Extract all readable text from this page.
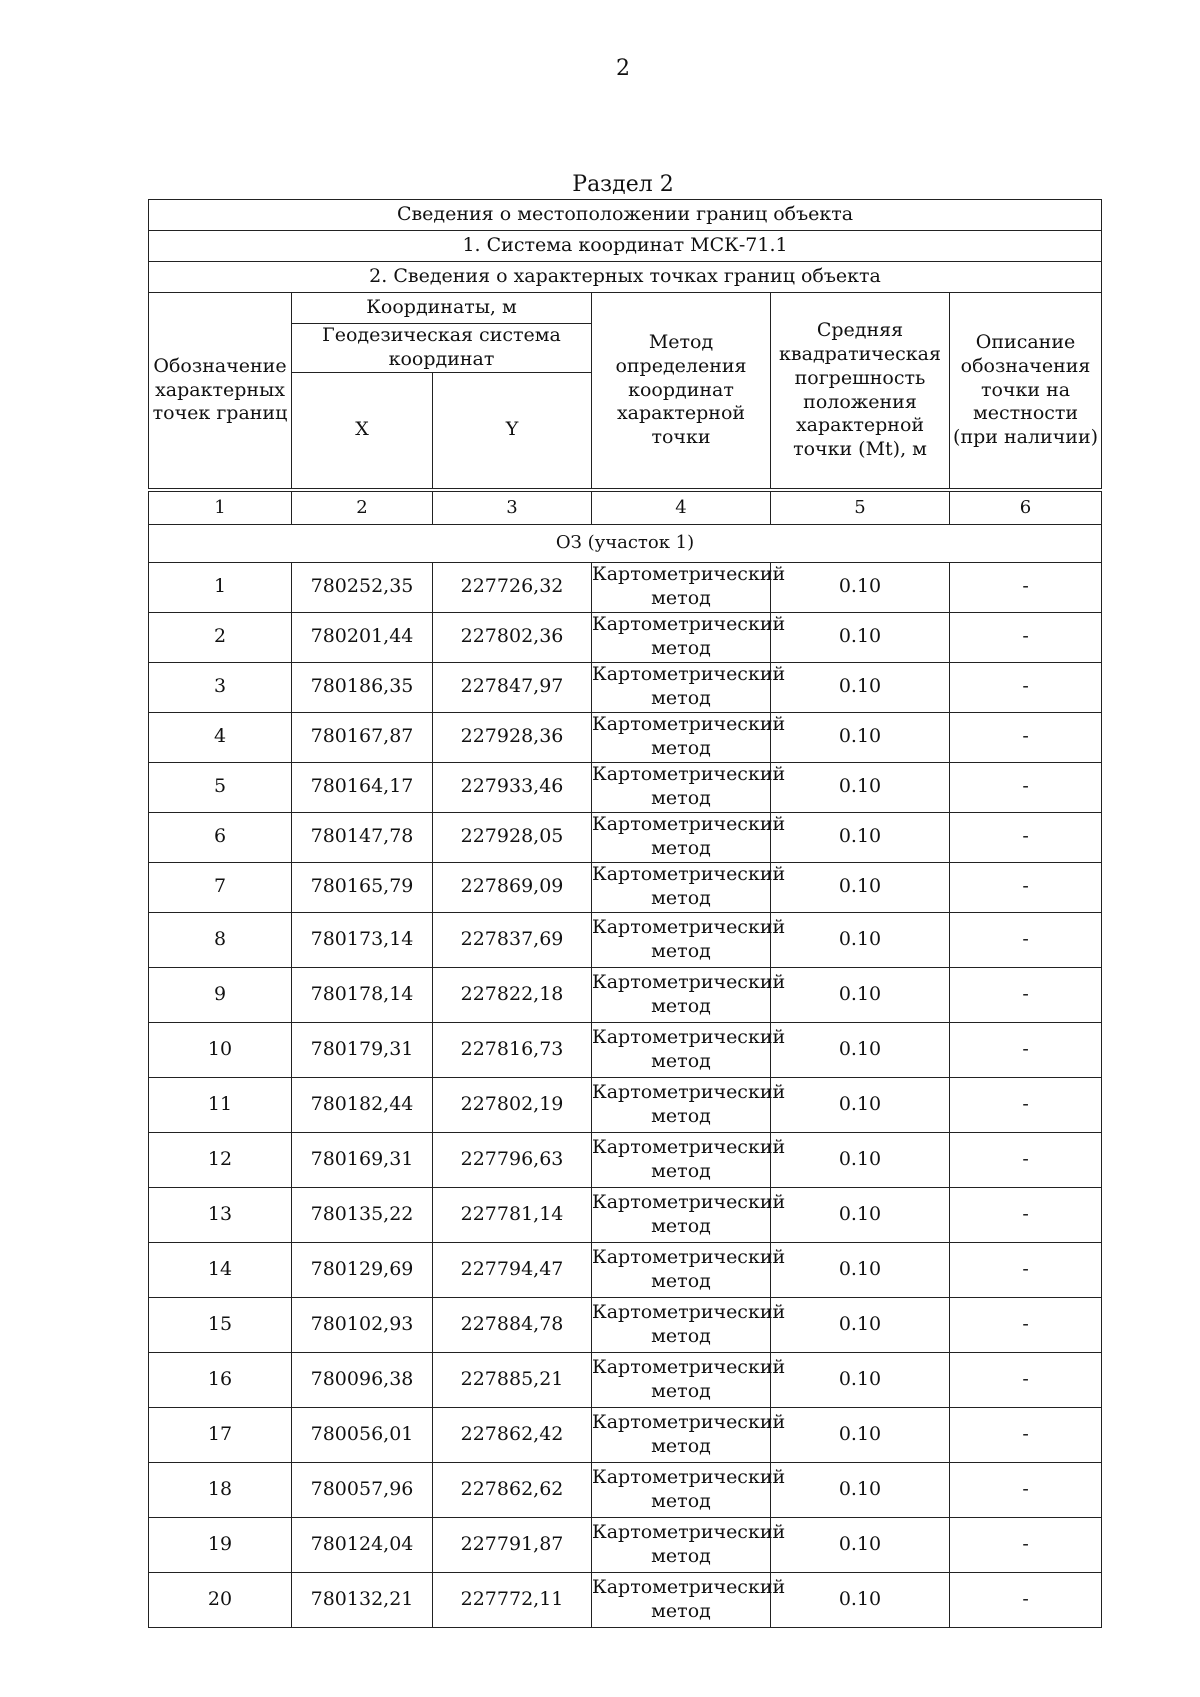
2
Раздел 2
Сведения о местоположении границ объекта					
1. Система координат МСК-71.1					
2. Сведения о характерных точках границ объекта					
Обозначение характерных точек границ	Координаты, м		Метод определения координат характерной точки	Средняя квадратическая погрешность положения характерной точки (Mt), м	Описание обозначения точки на местности (при наличии)
	Геодезическая система координат				
	X	Y			
1	2	3	4	5	6
ОЗ (участок 1)					
1	780252,35	227726,32	Картометрический метод	0.10	-
2	780201,44	227802,36	Картометрический метод	0.10	-
3	780186,35	227847,97	Картометрический метод	0.10	-
4	780167,87	227928,36	Картометрический метод	0.10	-
5	780164,17	227933,46	Картометрический метод	0.10	-
6	780147,78	227928,05	Картометрический метод	0.10	-
7	780165,79	227869,09	Картометрический метод	0.10	-
8	780173,14	227837,69	Картометрический метод	0.10	-
9	780178,14	227822,18	Картометрический метод	0.10	-
10	780179,31	227816,73	Картометрический метод	0.10	-
11	780182,44	227802,19	Картометрический метод	0.10	-
12	780169,31	227796,63	Картометрический метод	0.10	-
13	780135,22	227781,14	Картометрический метод	0.10	-
14	780129,69	227794,47	Картометрический метод	0.10	-
15	780102,93	227884,78	Картометрический метод	0.10	-
16	780096,38	227885,21	Картометрический метод	0.10	-
17	780056,01	227862,42	Картометрический метод	0.10	-
18	780057,96	227862,62	Картометрический метод	0.10	-
19	780124,04	227791,87	Картометрический метод	0.10	-
20	780132,21	227772,11	Картометрический метод	0.10	-
